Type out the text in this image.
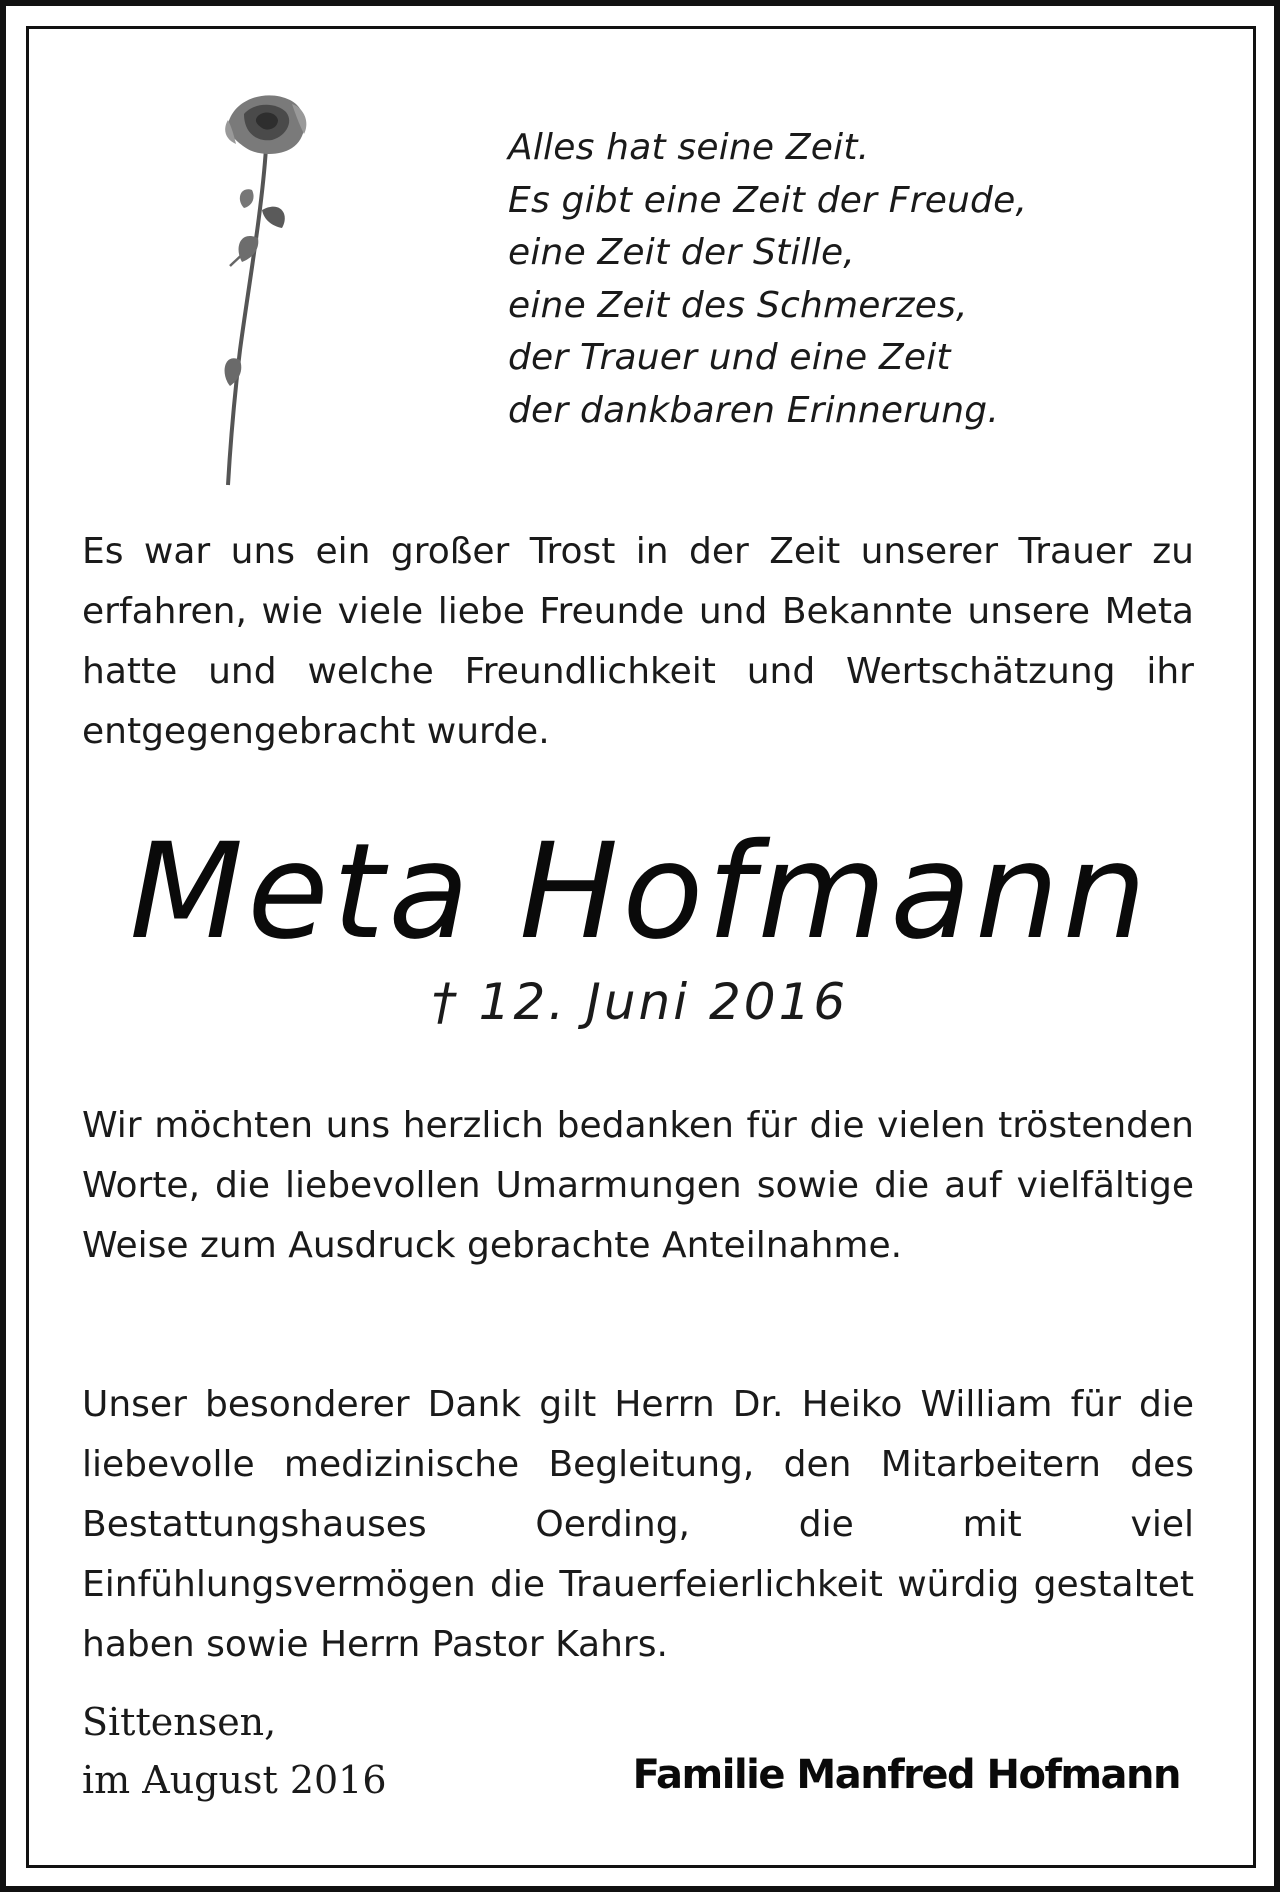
Alles hat seine Zeit.
Es gibt eine Zeit der Freude,
eine Zeit der Stille,
eine Zeit des Schmerzes,
der Trauer und eine Zeit
der dankbaren Erinnerung.

Es war uns ein großer Trost in der Zeit unserer Trauer zu erfahren, wie viele liebe Freunde und Bekannte unsere Meta hatte und welche Freundlichkeit und Wertschätzung ihr entgegengebracht wurde.

Meta Hofmann
† 12. Juni 2016

Wir möchten uns herzlich bedanken für die vielen tröstenden Worte, die liebevollen Umarmungen sowie die auf vielfältige Weise zum Ausdruck gebrachte Anteilnahme.

Unser besonderer Dank gilt Herrn Dr. Heiko William für die liebevolle medizinische Begleitung, den Mitarbeitern des Bestattungshauses Oerding, die mit viel Einfühlungsvermögen die Trauerfeierlichkeit würdig gestaltet haben sowie Herrn Pastor Kahrs.

Sittensen,
im August 2016	Familie Manfred Hofmann
